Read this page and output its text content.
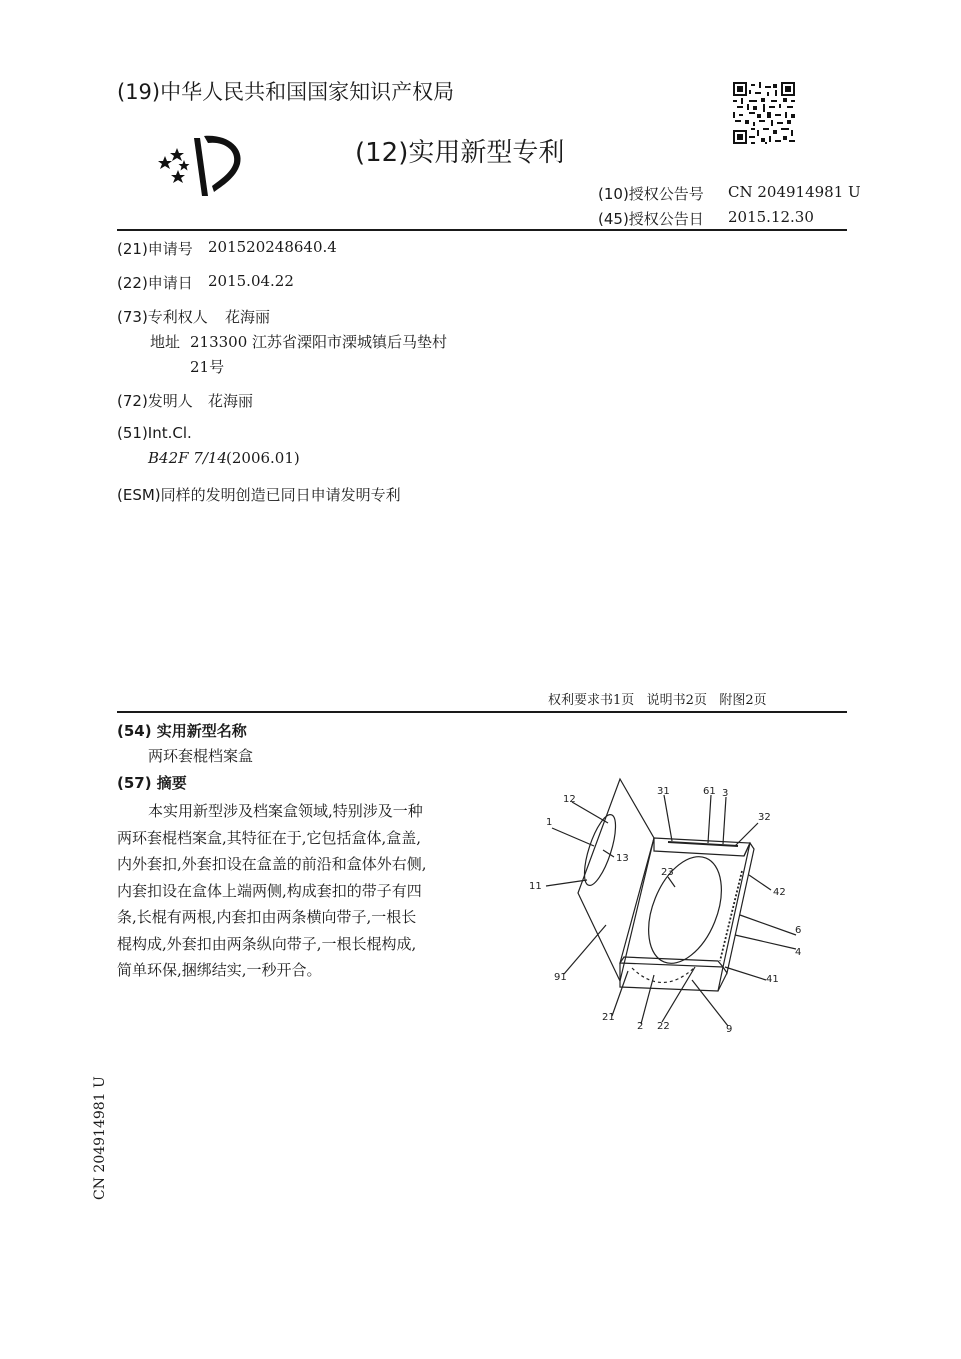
(19)中华人民共和国国家知识产权局
(12)实用新型专利
(10)授权公告号 CN 204914981 U
(45)授权公告日 2015.12.30
(21)申请号 201520248640.4
(22)申请日 2015.04.22
(73)专利权人 花海丽
地址 213300 江苏省溧阳市溧城镇后马垫村
21号
(72)发明人 花海丽
(51)Int.Cl.
B42F 7/14 (2006.01)
(ESM)同样的发明创造已同日申请发明专利
权利要求书1页   说明书2页   附图2页
(54) 实用新型名称
两环套棍档案盒
(57) 摘要

本实用新型涉及档案盒领域,特别涉及一种

两环套棍档案盒,其特征在于,它包括盒体,盒盖,

内外套扣,外套扣设在盒盖的前沿和盒体外右侧,

内套扣设在盒体上端两侧,构成套扣的带子有四

条,长棍有两根,内套扣由两条横向带子,一根长

棍构成,外套扣由两条纵向带子,一根长棍构成,

简单环保,捆绑结实,一秒开合。

12
1
13
11
91
31	61 3
32
23
42
6
4
41
21
2 22	9
CN 204914981 U
